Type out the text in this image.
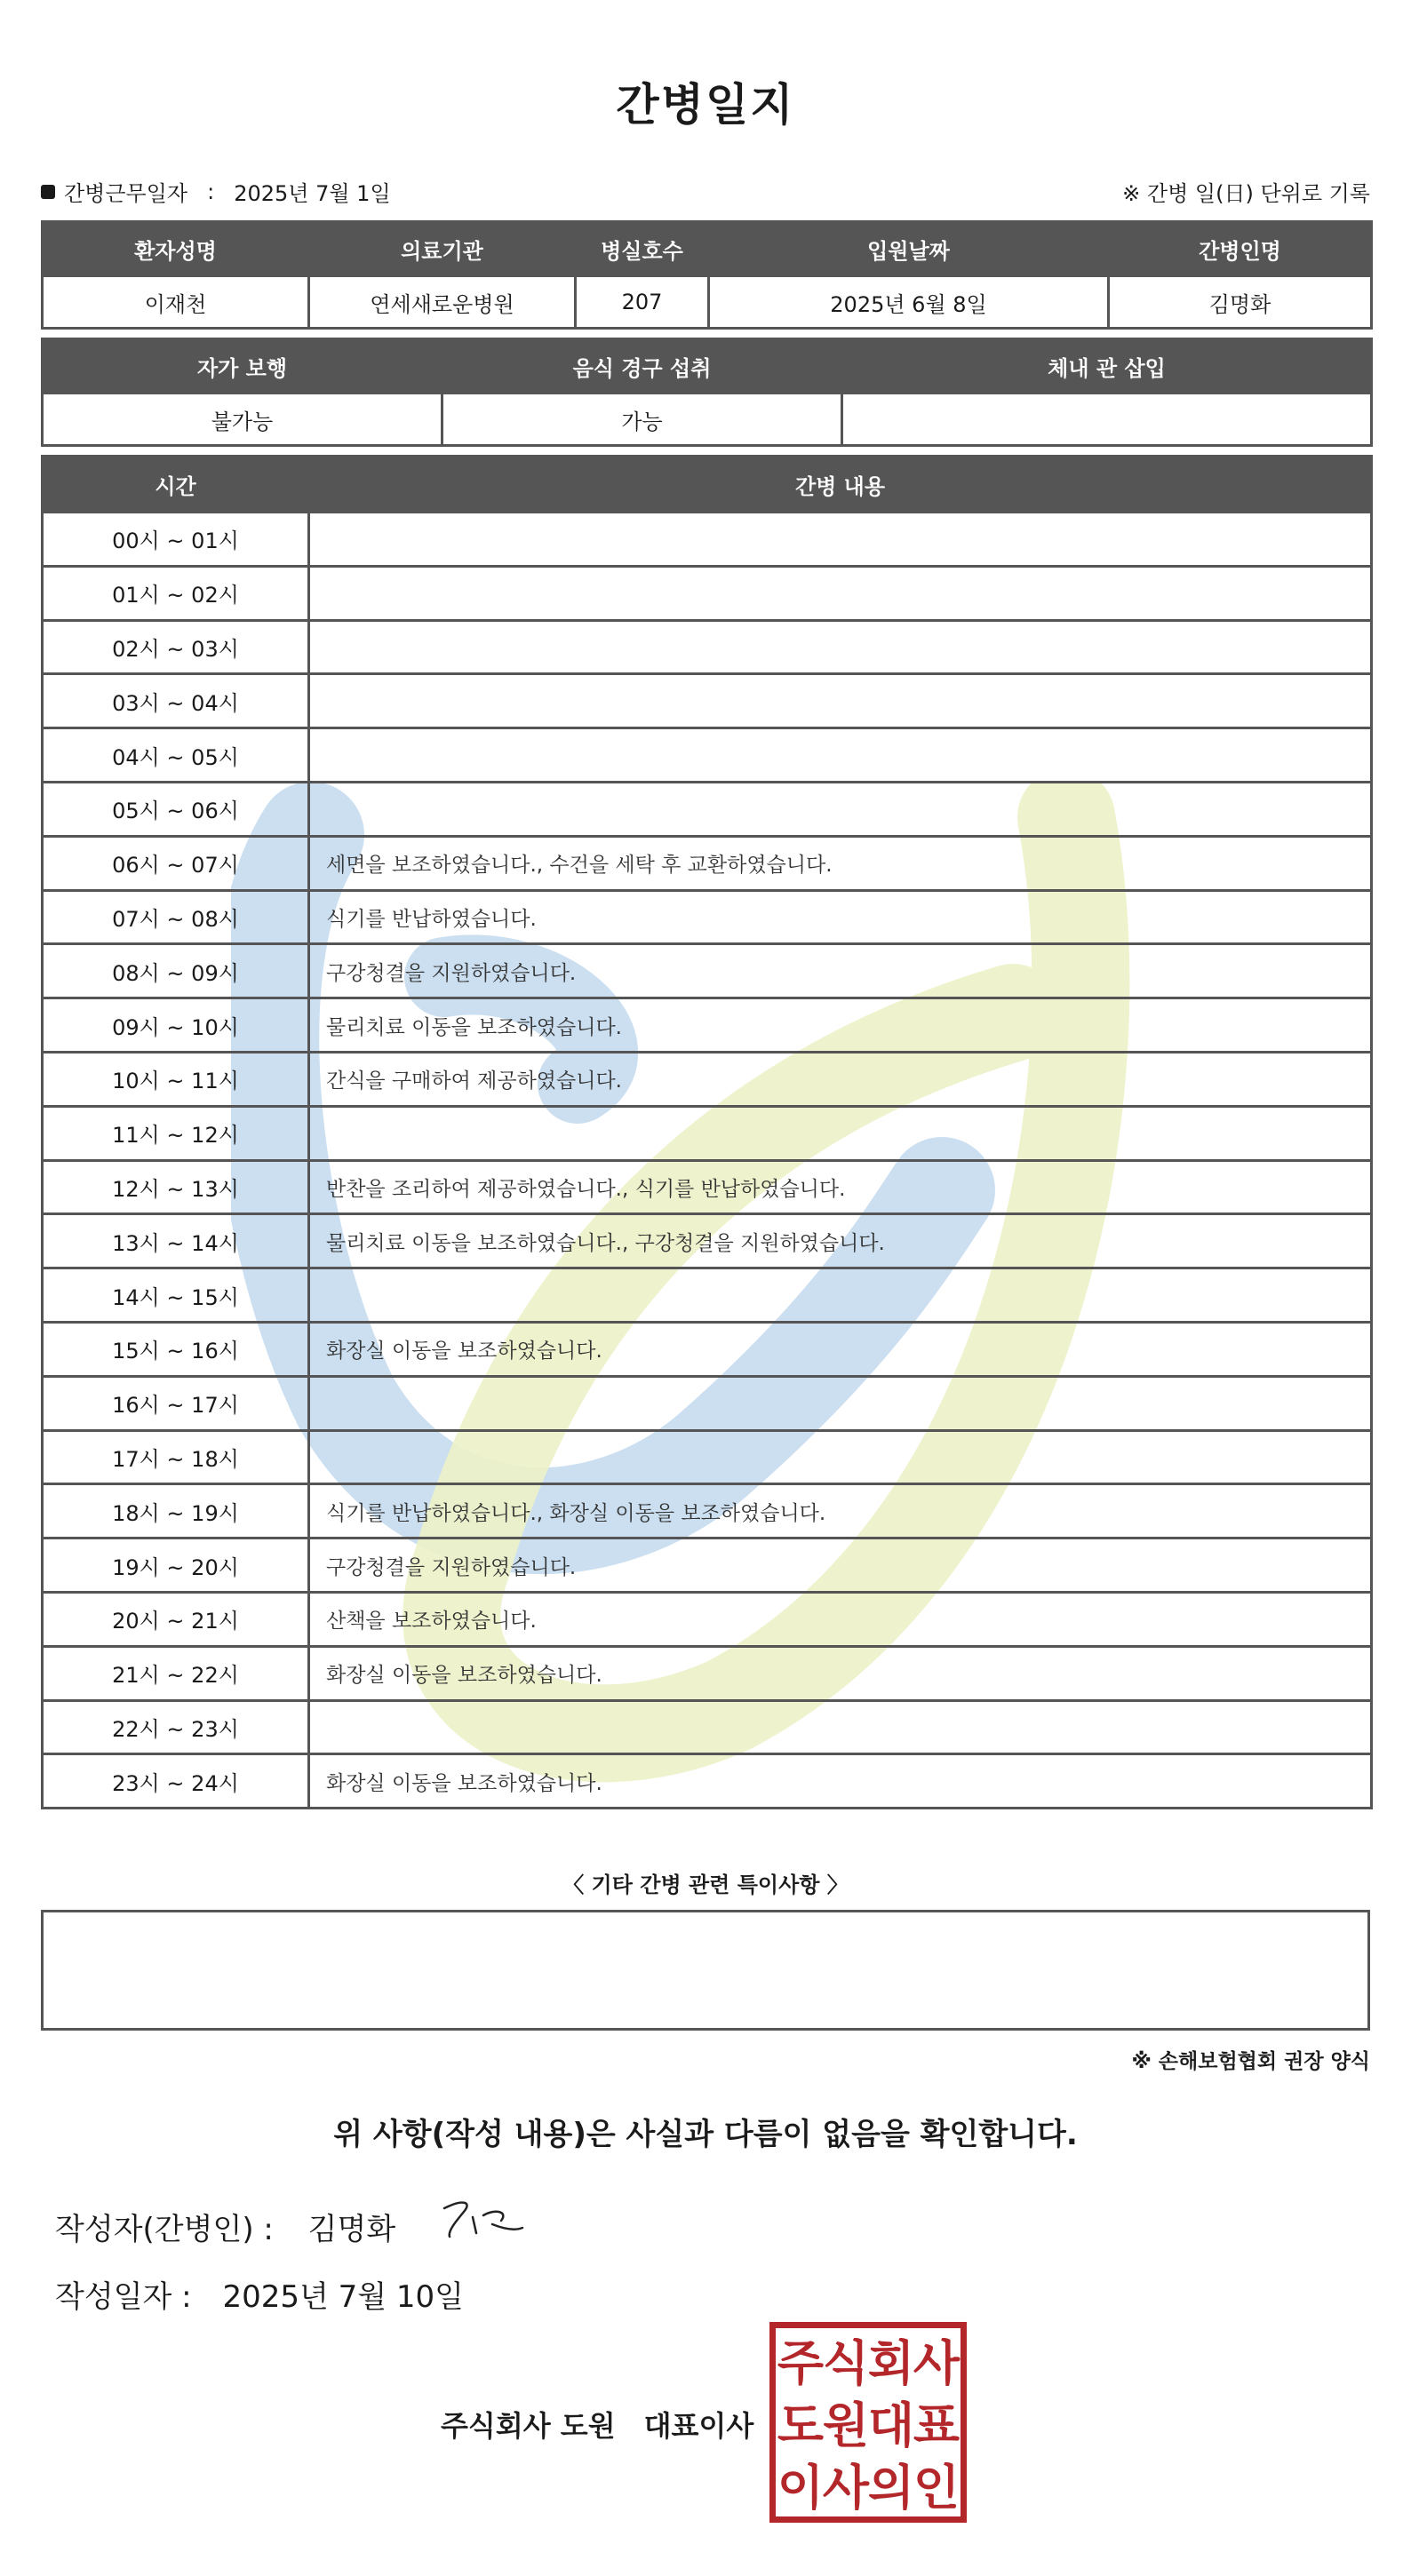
간병일지
간병근무일자 : 2025년 7월 1일	※ 간병 일(日) 단위로 기록
환자성명	의료기관	병실호수	입원날짜	간병인명
이재천	연세새로운병원	207	2025년 6월 8일	김명화
자가 보행	음식 경구 섭취	체내 관 삽입
불가능	가능	
시간	간병 내용
00시 ~ 01시	
01시 ~ 02시	
02시 ~ 03시	
03시 ~ 04시	
04시 ~ 05시	
05시 ~ 06시	
06시 ~ 07시	세면을 보조하였습니다., 수건을 세탁 후 교환하였습니다.
07시 ~ 08시	식기를 반납하였습니다.
08시 ~ 09시	구강청결을 지원하였습니다.
09시 ~ 10시	물리치료 이동을 보조하였습니다.
10시 ~ 11시	간식을 구매하여 제공하였습니다.
11시 ~ 12시	
12시 ~ 13시	반찬을 조리하여 제공하였습니다., 식기를 반납하였습니다.
13시 ~ 14시	물리치료 이동을 보조하였습니다., 구강청결을 지원하였습니다.
14시 ~ 15시	
15시 ~ 16시	화장실 이동을 보조하였습니다.
16시 ~ 17시	
17시 ~ 18시	
18시 ~ 19시	식기를 반납하였습니다., 화장실 이동을 보조하였습니다.
19시 ~ 20시	구강청결을 지원하였습니다.
20시 ~ 21시	산책을 보조하였습니다.
21시 ~ 22시	화장실 이동을 보조하였습니다.
22시 ~ 23시	
23시 ~ 24시	화장실 이동을 보조하였습니다.
〈 기타 간병 관련 특이사항 〉
※ 손해보험협회 권장 양식
위 사항(작성 내용)은 사실과 다름이 없음을 확인합니다.
작성자(간병인) : 김명화
작성일자 : 2025년 7월 10일
주식회사 도원 대표이사
주
식
회
사
도
원
대
표
이
사
의
인
